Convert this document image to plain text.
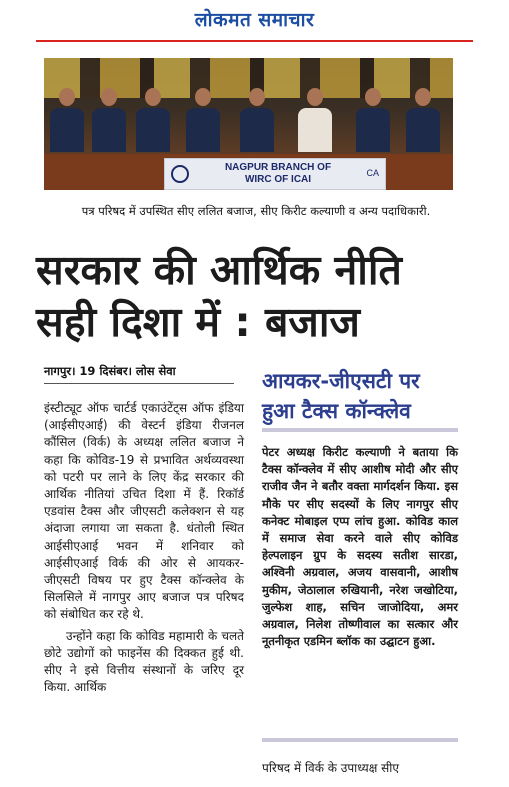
लोकमत समाचार
NAGPUR BRANCH OF
WIRC OF ICAI
CA
पत्र परिषद में उपस्थित सीए ललित बजाज, सीए किरीट कल्याणी व अन्य पदाधिकारी.
सरकार की आर्थिक नीति
सही दिशा में : बजाज
नागपुर। 19 दिसंबर। लोस सेवा	आयकर-जीएसटी पर
हुआ टैक्स कॉन्क्लेव

इंस्टीट्यूट ऑफ चार्टर्ड एकाउंटेंट्स ऑफ इंडिया (आईसीएआई) की वेस्टर्न इंडिया रीजनल कौंसिल (विर्क) के अध्यक्ष ललित बजाज ने कहा कि कोविड-19 से प्रभावित अर्थव्यवस्था को पटरी पर लाने के लिए केंद्र सरकार की आर्थिक नीतियां उचित दिशा में हैं. रिकॉर्ड एडवांस टैक्स और जीएसटी कलेक्शन से यह अंदाजा लगाया जा सकता है. धंतोली स्थित आईसीएआई भवन में शनिवार को आईसीएआई विर्क की ओर से आयकर-जीएसटी विषय पर हुए टैक्स कॉन्क्लेव के सिलसिले में नागपुर आए बजाज पत्र परिषद को संबोधित कर रहे थे.

उन्होंने कहा कि कोविड महामारी के चलते छोटे उद्योगों को फाइनेंस की दिक्कत हुई थी. सीए ने इसे वित्तीय संस्थानों के जरिए दूर किया. आर्थिक

पेटर अध्यक्ष किरीट कल्याणी ने बताया कि टैक्स कॉन्क्लेव में सीए आशीष मोदी और सीए राजीव जैन ने बतौर वक्ता मार्गदर्शन किया. इस मौके पर सीए सदस्यों के लिए नागपुर सीए कनेक्ट मोबाइल एप्प लांच हुआ. कोविड काल में समाज सेवा करने वाले सीए कोविड हेल्पलाइन ग्रुप के सदस्य सतीश सारडा, अश्विनी अग्रवाल, अजय वासवानी, आशीष मुकीम, जेठालाल रुखियानी, नरेश जखोटिया, जुल्फेश शाह, सचिन जाजोदिया, अमर अग्रवाल, निलेश तोष्णीवाल का सत्कार और नूतनीकृत एडमिन ब्लॉक का उद्घाटन हुआ.
परिषद में विर्क के उपाध्यक्ष सीए
